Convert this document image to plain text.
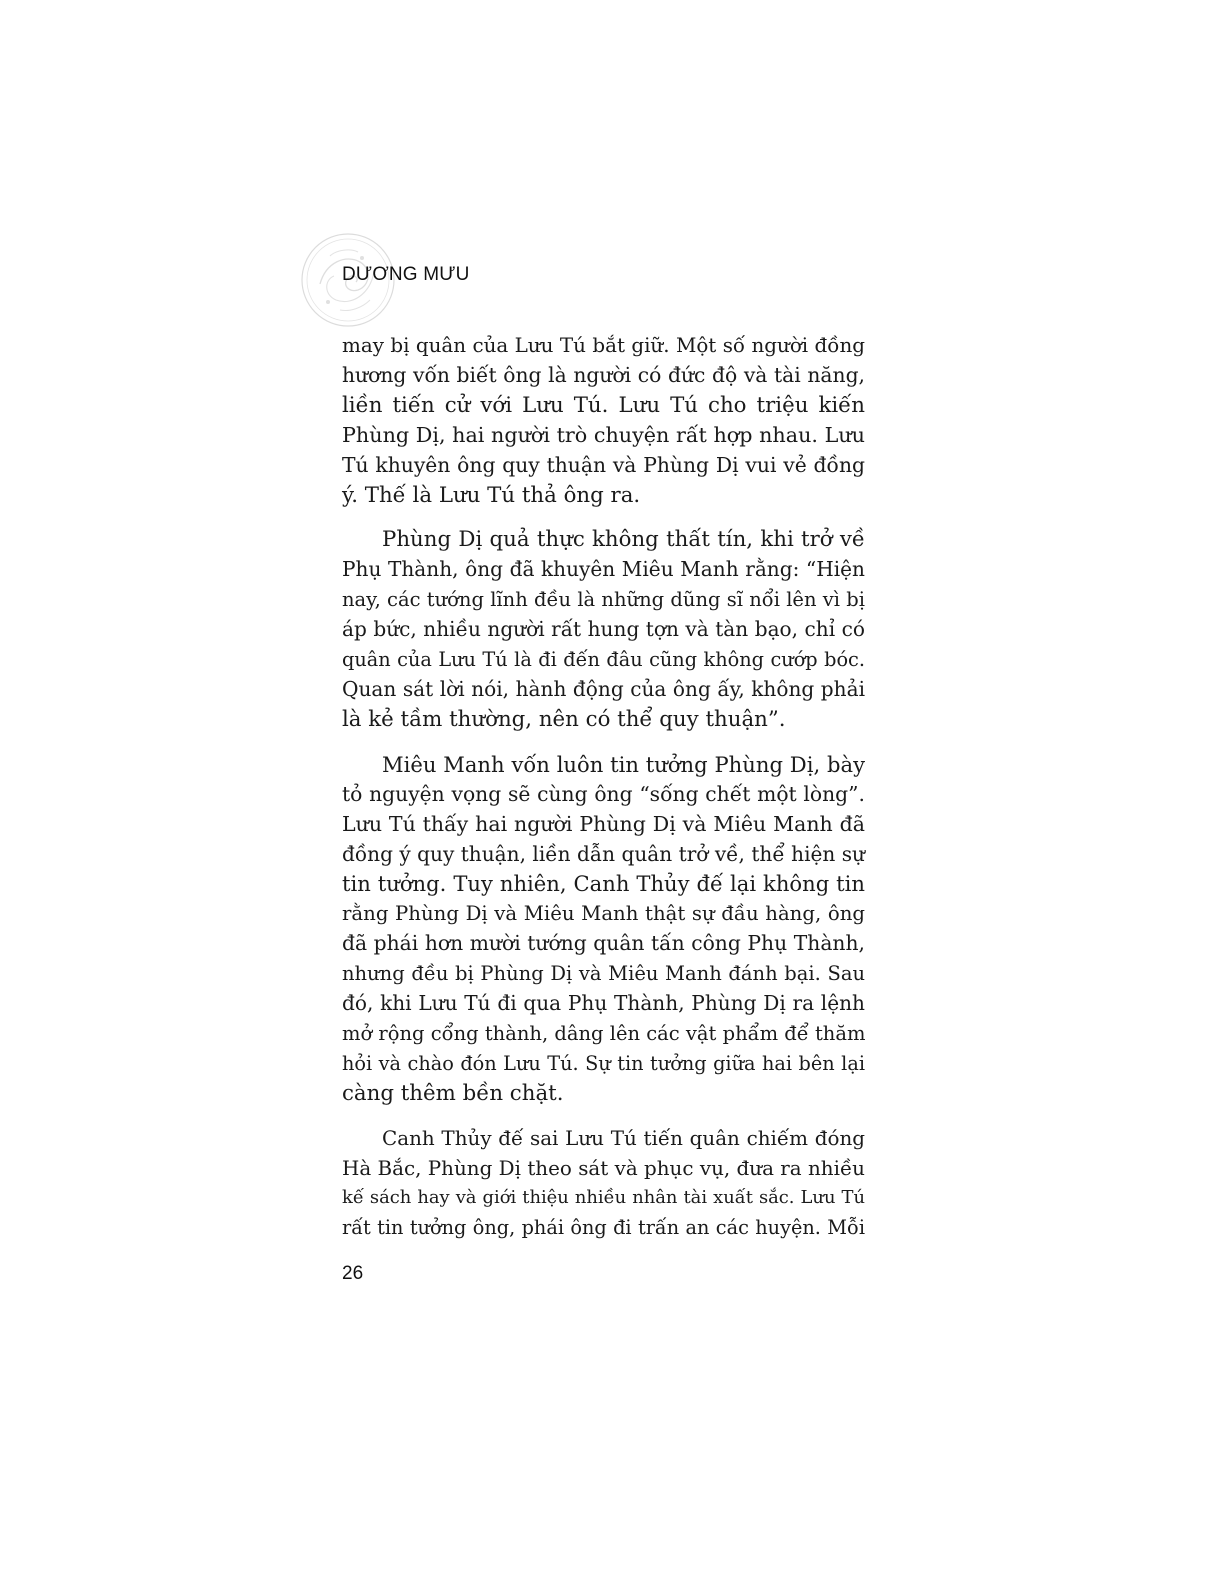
DƯƠNG MƯU
may bị quân của Lưu Tú bắt giữ. Một số người đồng
hương vốn biết ông là người có đức độ và tài năng,
liền tiến cử với Lưu Tú. Lưu Tú cho triệu kiến
Phùng Dị, hai người trò chuyện rất hợp nhau. Lưu
Tú khuyên ông quy thuận và Phùng Dị vui vẻ đồng
ý. Thế là Lưu Tú thả ông ra.
Phùng Dị quả thực không thất tín, khi trở về
Phụ Thành, ông đã khuyên Miêu Manh rằng: “Hiện
nay, các tướng lĩnh đều là những dũng sĩ nổi lên vì bị
áp bức, nhiều người rất hung tợn và tàn bạo, chỉ có
quân của Lưu Tú là đi đến đâu cũng không cướp bóc.
Quan sát lời nói, hành động của ông ấy, không phải
là kẻ tầm thường, nên có thể quy thuận”.
Miêu Manh vốn luôn tin tưởng Phùng Dị, bày
tỏ nguyện vọng sẽ cùng ông “sống chết một lòng”.
Lưu Tú thấy hai người Phùng Dị và Miêu Manh đã
đồng ý quy thuận, liền dẫn quân trở về, thể hiện sự
tin tưởng. Tuy nhiên, Canh Thủy đế lại không tin
rằng Phùng Dị và Miêu Manh thật sự đầu hàng, ông
đã phái hơn mười tướng quân tấn công Phụ Thành,
nhưng đều bị Phùng Dị và Miêu Manh đánh bại. Sau
đó, khi Lưu Tú đi qua Phụ Thành, Phùng Dị ra lệnh
mở rộng cổng thành, dâng lên các vật phẩm để thăm
hỏi và chào đón Lưu Tú. Sự tin tưởng giữa hai bên lại
càng thêm bền chặt.
Canh Thủy đế sai Lưu Tú tiến quân chiếm đóng
Hà Bắc, Phùng Dị theo sát và phục vụ, đưa ra nhiều
kế sách hay và giới thiệu nhiều nhân tài xuất sắc. Lưu Tú
rất tin tưởng ông, phái ông đi trấn an các huyện. Mỗi
26
